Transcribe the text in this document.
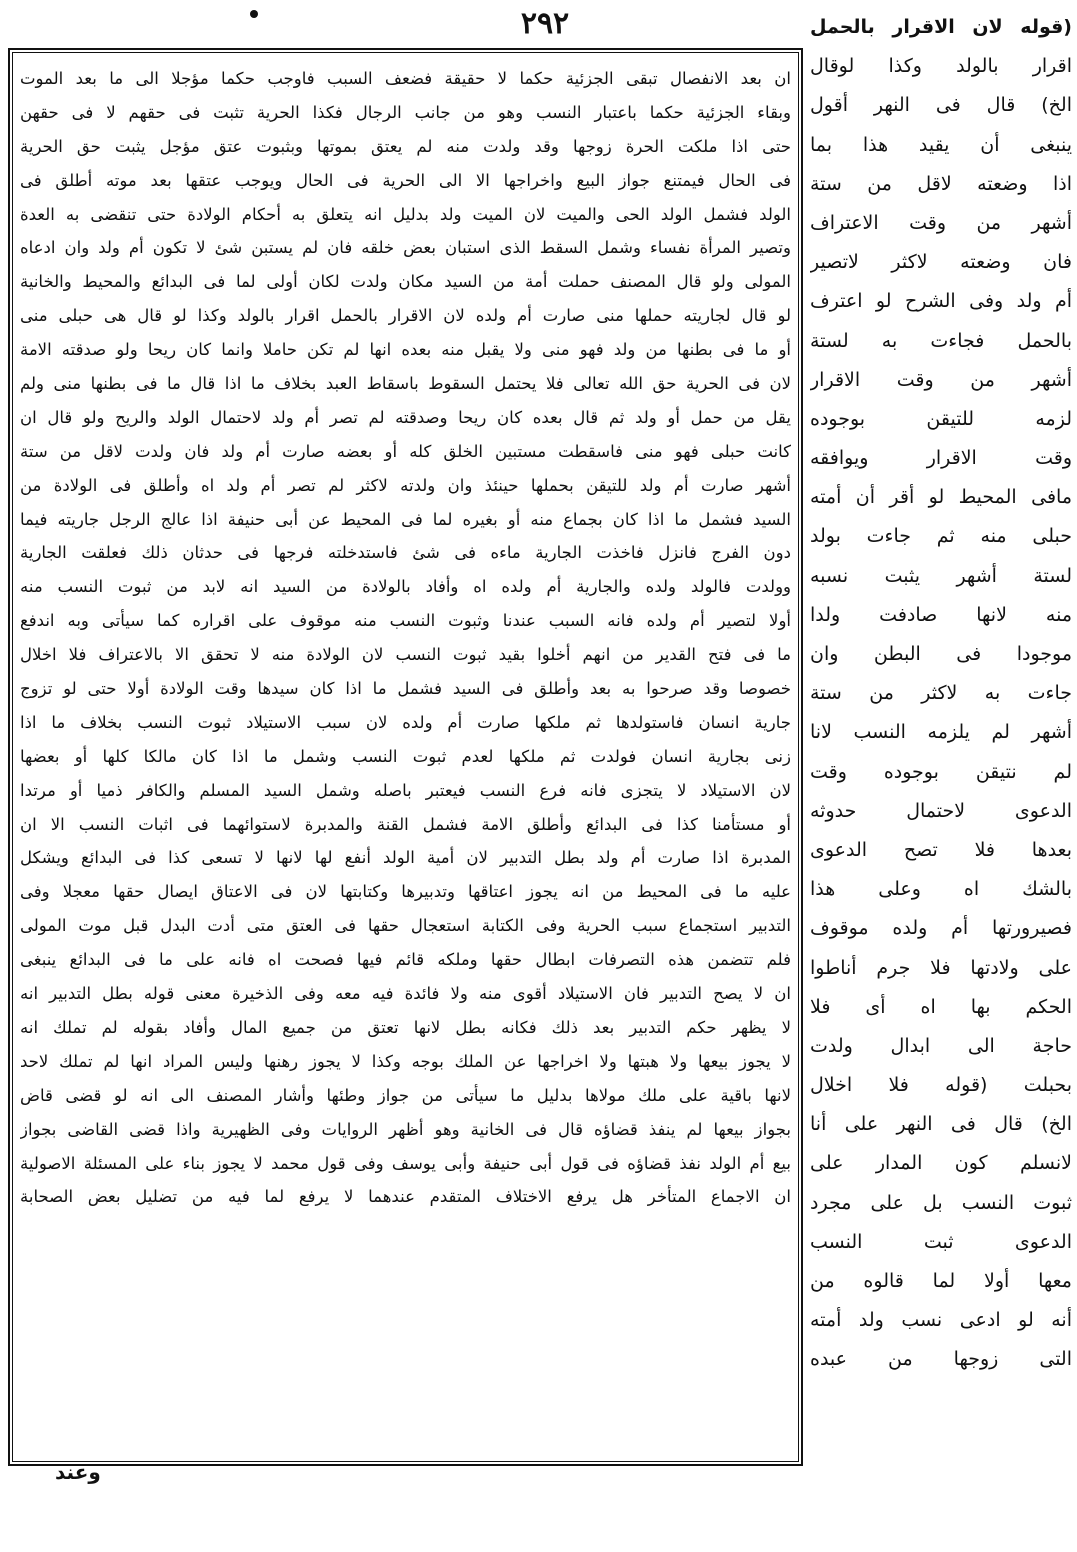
۲۹۲
ان بعد الانفصال تبقى الجزئية حكما لا حقيقة فضعف السبب فاوجب حكما مؤجلا الى ما بعد الموت
وبقاء الجزئية حكما باعتبار النسب وهو من جانب الرجال فكذا الحرية تثبت فى حقهم لا فى حقهن
حتى اذا ملكت الحرة زوجها وقد ولدت منه لم يعتق بموتها وبثبوت عتق مؤجل يثبت حق الحرية
فى الحال فيمتنع جواز البيع واخراجها الا الى الحرية فى الحال ويوجب عتقها بعد موته أطلق فى
الولد فشمل الولد الحى والميت لان الميت ولد بدليل انه يتعلق به أحكام الولادة حتى تنقضى به العدة
وتصير المرأة نفساء وشمل السقط الذى استبان بعض خلقه فان لم يستبن شئ لا تكون أم ولد وان ادعاه
المولى ولو قال المصنف حملت أمة من السيد مكان ولدت لكان أولى لما فى البدائع والمحيط والخانية
لو قال لجاريته حملها منى صارت أم ولده لان الاقرار بالحمل اقرار بالولد وكذا لو قال هى حبلى منى
أو ما فى بطنها من ولد فهو منى ولا يقبل منه بعده انها لم تكن حاملا وانما كان ريحا ولو صدقته الامة
لان فى الحرية حق الله تعالى فلا يحتمل السقوط باسقاط العبد بخلاف ما اذا قال ما فى بطنها منى ولم
يقل من حمل أو ولد ثم قال بعده كان ريحا وصدقته لم تصر أم ولد لاحتمال الولد والريح ولو قال ان
كانت حبلى فهو منى فاسقطت مستبين الخلق كله أو بعضه صارت أم ولد فان ولدت لاقل من ستة
أشهر صارت أم ولد للتيقن بحملها حينئذ وان ولدته لاكثر لم تصر أم ولد اه وأطلق فى الولادة من
السيد فشمل ما اذا كان بجماع منه أو بغيره لما فى المحيط عن أبى حنيفة اذا عالج الرجل جاريته فيما
دون الفرج فانزل فاخذت الجارية ماءه فى شئ فاستدخلته فرجها فى حدثان ذلك فعلقت الجارية
وولدت فالولد ولده والجارية أم ولده اه وأفاد بالولادة من السيد انه لابد من ثبوت النسب منه
أولا لتصير أم ولده فانه السبب عندنا وثبوت النسب منه موقوف على اقراره كما سيأتى وبه اندفع
ما فى فتح القدير من انهم أخلوا بقيد ثبوت النسب لان الولادة منه لا تحقق الا بالاعتراف فلا اخلال
خصوصا وقد صرحوا به بعد وأطلق فى السيد فشمل ما اذا كان سيدها وقت الولادة أولا حتى لو تزوج
جارية انسان فاستولدها ثم ملكها صارت أم ولده لان سبب الاستيلاد ثبوت النسب بخلاف ما اذا
زنى بجارية انسان فولدت ثم ملكها لعدم ثبوت النسب وشمل ما اذا كان مالكا كلها أو بعضها
لان الاستيلاد لا يتجزى فانه فرع النسب فيعتبر باصله وشمل السيد المسلم والكافر ذميا أو مرتدا
أو مستأمنا كذا فى البدائع وأطلق الامة فشمل القنة والمدبرة لاستوائهما فى اثبات النسب الا ان
المدبرة اذا صارت أم ولد بطل التدبير لان أمية الولد أنفع لها لانها لا تسعى كذا فى البدائع ويشكل
عليه ما فى المحيط من انه يجوز اعتاقها وتدبيرها وكتابتها لان فى الاعتاق ايصال حقها معجلا وفى
التدبير استجماع سبب الحرية وفى الكتابة استعجال حقها فى العتق متى أدت البدل قبل موت المولى
فلم تتضمن هذه التصرفات ابطال حقها وملكه قائم فيها فصحت اه فانه على ما فى البدائع ينبغى
ان لا يصح التدبير فان الاستيلاد أقوى منه ولا فائدة فيه معه وفى الذخيرة معنى قوله بطل التدبير انه
لا يظهر حكم التدبير بعد ذلك فكانه بطل لانها تعتق من جميع المال وأفاد بقوله لم تملك انه
لا يجوز بيعها ولا هبتها ولا اخراجها عن الملك بوجه وكذا لا يجوز رهنها وليس المراد انها لم تملك لاحد
لانها باقية على ملك مولاها بدليل ما سيأتى من جواز وطئها وأشار المصنف الى انه لو قضى قاض
بجواز بيعها لم ينفذ قضاؤه قال فى الخانية وهو أظهر الروايات وفى الظهيرية واذا قضى القاضى بجواز
بيع أم الولد نفذ قضاؤه فى قول أبى حنيفة وأبى يوسف وفى قول محمد لا يجوز بناء على المسئلة الاصولية
ان الاجماع المتأخر هل يرفع الاختلاف المتقدم عندهما لا يرفع لما فيه من تضليل بعض الصحابة
(قوله لان الاقرار بالحمل
اقرار بالولد وكذا لوقال
الخ) قال فى النهر أقول
ينبغى أن يقيد هذا بما
اذا وضعته لاقل من ستة
أشهر من وقت الاعتراف
فان وضعته لاكثر لاتصير
أم ولد وفى الشرح لو اعترف
بالحمل فجاءت به لستة
أشهر من وقت الاقرار
لزمه للتيقن بوجوده
وقت الاقرار ويوافقه
مافى المحيط لو أقر أن أمته
حبلى منه ثم جاءت بولد
لستة أشهر يثبت نسبه
منه لانها صادفت ولدا
موجودا فى البطن وان
جاءت به لاكثر من ستة
أشهر لم يلزمه النسب لانا
لم نتيقن بوجوده وقت
الدعوى لاحتمال حدوثه
بعدها فلا تصح الدعوى
بالشك اه وعلى هذا
فصيرورتها أم ولده موقوف
على ولادتها فلا جرم أناطوا
الحكم بها اه أى فلا
حاجة الى ابدال ولدت
بحبلت (قوله فلا اخلال
الخ) قال فى النهر على أنا
لانسلم كون المدار على
ثبوت النسب بل على مجرد
الدعوى ثبت النسب
معها أولا لما قالوه من
أنه لو ادعى نسب ولد أمته
التى زوجها من عبده
وعند
